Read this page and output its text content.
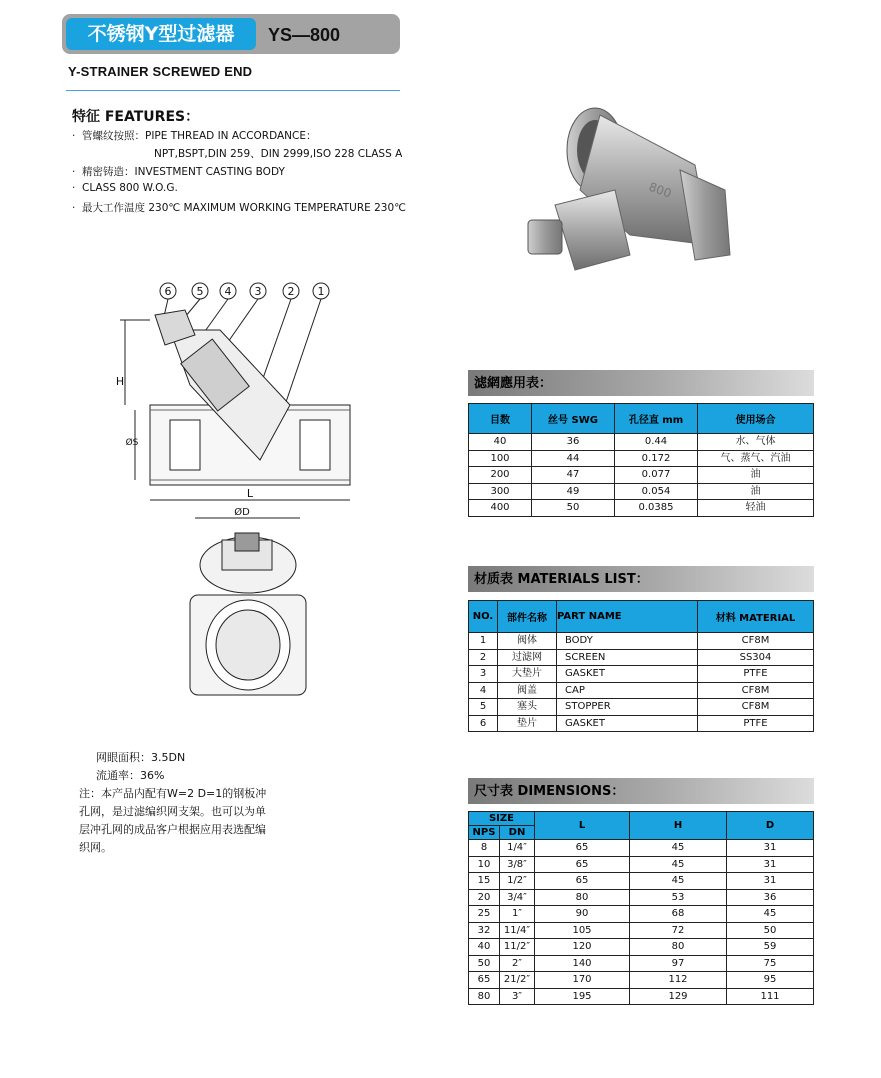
不锈钢Y型过滤器	YS—800
Y-STRAINER SCREWED END
特征 FEATURES：
· 管螺纹按照：PIPE THREAD IN ACCORDANCE：
NPT,BSPT,DIN 259、DIN 2999,ISO 228 CLASS A
· 精密铸造：INVESTMENT CASTING BODY
· CLASS 800 W.O.G.
· 最大工作温度 230℃ MAXIMUM WORKING TEMPERATURE 230℃
800
6 5 4 3 2 1
H
ØS
L
ØD
网眼面积：3.5DN
流通率：36%
注：本产品内配有W=2 D=1的钢板冲
孔网，是过滤编织网支架。也可以为单
层冲孔网的成品客户根据应用表选配编
织网。
滤網應用表：
目数	丝号 SWG	孔径直 mm	使用场合
40	36	0.44	水、气体
100	44	0.172	气、蒸气、汽油
200	47	0.077	油
300	49	0.054	油
400	50	0.0385	轻油
材质表 MATERIALS LIST：
NO.	部件名称	PART NAME	材料 MATERIAL
1	阀体	BODY	CF8M
2	过滤网	SCREEN	SS304
3	大垫片	GASKET	PTFE
4	阀盖	CAP	CF8M
5	塞头	STOPPER	CF8M
6	垫片	GASKET	PTFE
尺寸表 DIMENSIONS：
SIZE		L	H	D
NPS	DN			
8	1/4″	65	45	31
10	3/8″	65	45	31
15	1/2″	65	45	31
20	3/4″	80	53	36
25	1″	90	68	45
32	11/4″	105	72	50
40	11/2″	120	80	59
50	2″	140	97	75
65	21/2″	170	112	95
80	3″	195	129	111
